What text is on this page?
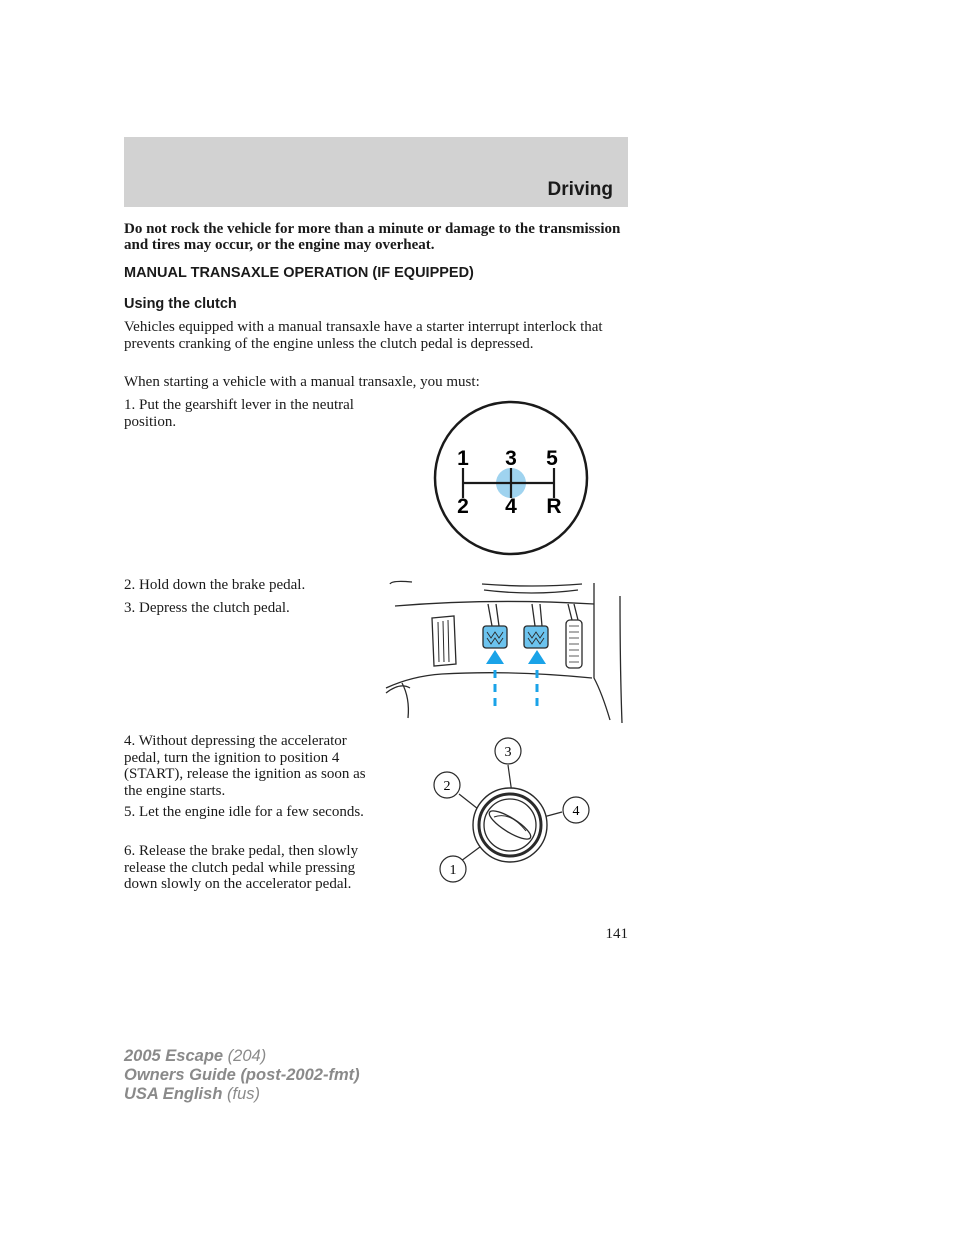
Driving
Do not rock the vehicle for more than a minute or damage to the transmission and tires may occur, or the engine may overheat.
MANUAL TRANSAXLE OPERATION (IF EQUIPPED)
Using the clutch
Vehicles equipped with a manual transaxle have a starter interrupt interlock that prevents cranking of the engine unless the clutch pedal is depressed.
When starting a vehicle with a manual transaxle, you must:
1. Put the gearshift lever in the neutral position.
2. Hold down the brake pedal.
3. Depress the clutch pedal.
4. Without depressing the accelerator pedal, turn the ignition to position 4 (START), release the ignition as soon as the engine starts.
5. Let the engine idle for a few seconds.
6. Release the brake pedal, then slowly release the clutch pedal while pressing down slowly on the accelerator pedal.
1 3 5
2 4 R
3
2
4
1
141
2005 Escape (204)
Owners Guide (post-2002-fmt)
USA English (fus)
